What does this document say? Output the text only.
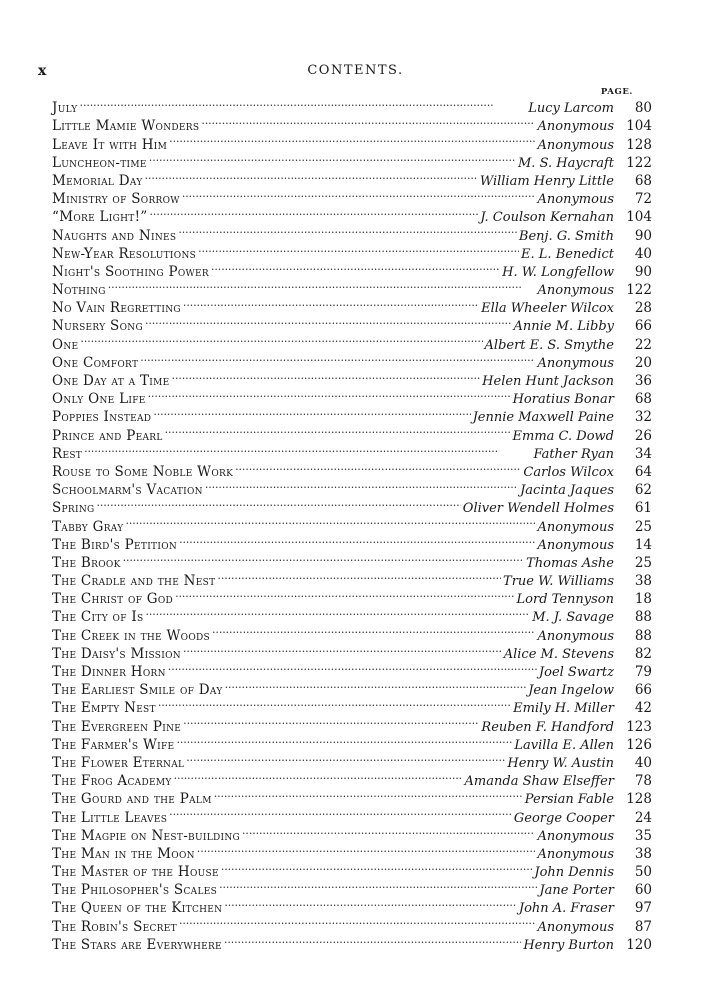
x	CONTENTS.
PAGE.
July . . .	Lucy Larcom	80
Little Mamie Wonders . . .	Anonymous 104
Leave It with Him . . .	Anonymous 128
Luncheon-time . . .	M. S. Haycraft 122
Memorial Day . . .	William Henry Little	68
Ministry of Sorrow . . .	Anonymous	72
“More Light!” . . .	J. Coulson Kernahan 104
Naughts and Nines . . .	Benj. G. Smith	90
New-Year Resolutions . . .	E. L. Benedict	40
Night's Soothing Power . . .	H. W. Longfellow	90
Nothing . . .	Anonymous 122
No Vain Regretting . . .	Ella Wheeler Wilcox	28
Nursery Song . . .	Annie M. Libby	66
One . . .	Albert E. S. Smythe	22
One Comfort . . .	Anonymous	20
One Day at a Time . . .	Helen Hunt Jackson	36
Only One Life . . .	Horatius Bonar	68
Poppies Instead . . .	Jennie Maxwell Paine	32
Prince and Pearl . . .	Emma C. Dowd	26
Rest . . .	Father Ryan	34
Rouse to Some Noble Work . . .	Carlos Wilcox	64
Schoolmarm's Vacation . . .	Jacinta Jaques	62
Spring . . .	Oliver Wendell Holmes	61
Tabby Gray . . .	Anonymous	25
The Bird's Petition . . .	Anonymous	14
The Brook . . .	Thomas Ashe	25
The Cradle and the Nest . . .	True W. Williams	38
The Christ of God . . .	Lord Tennyson	18
The City of Is . . .	M. J. Savage	88
The Creek in the Woods . . .	Anonymous	88
The Daisy's Mission . . .	Alice M. Stevens	82
The Dinner Horn . . .	Joel Swartz	79
The Earliest Smile of Day . . .	Jean Ingelow	66
The Empty Nest . . .	Emily H. Miller	42
The Evergreen Pine . . .	Reuben F. Handford 123
The Farmer's Wife . . .	Lavilla E. Allen 126
The Flower Eternal . . .	Henry W. Austin	40
The Frog Academy . . .	Amanda Shaw Elseffer	78
The Gourd and the Palm . . .	Persian Fable 128
The Little Leaves . . .	George Cooper	24
The Magpie on Nest-building . . .	Anonymous	35
The Man in the Moon . . .	Anonymous	38
The Master of the House . . .	John Dennis	50
The Philosopher's Scales . . .	Jane Porter	60
The Queen of the Kitchen . . .	John A. Fraser	97
The Robin's Secret . . .	Anonymous	87
The Stars are Everywhere . . .	Henry Burton 120
